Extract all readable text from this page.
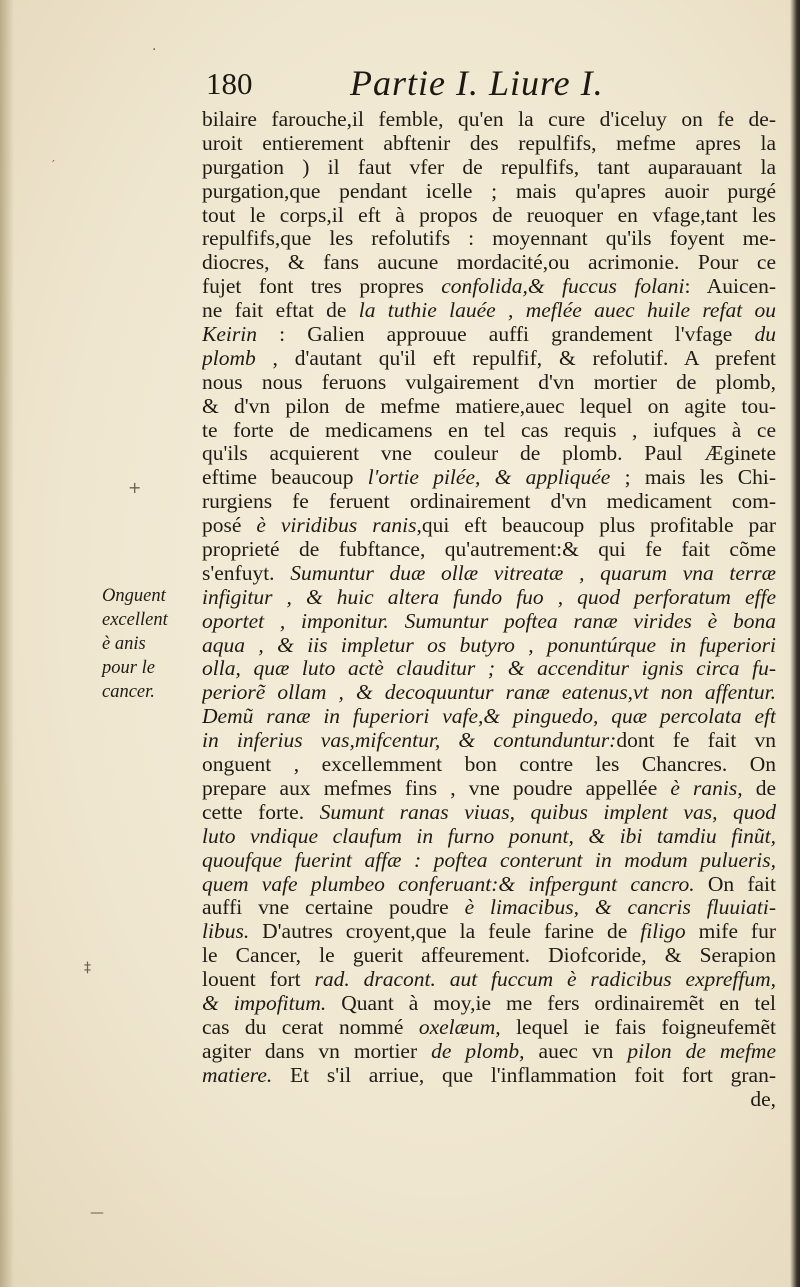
180	Partie I. Liure I.
Onguent
excellent
è anis
pour le
cancer.
bilaire farouche,il femble, qu'en la cure d'iceluy on fe de-
uroit entierement abftenir des repulfifs, mefme apres la
purgation ) il faut vfer de repulfifs, tant auparauant la
purgation,que pendant icelle ; mais qu'apres auoir purgé
tout le corps,il eft à propos de reuoquer en vfage,tant les
repulfifs,que les refolutifs : moyennant qu'ils foyent me-
diocres, & fans aucune mordacité,ou acrimonie. Pour ce
fujet font tres propres confolida,& fuccus folani: Auicen-
ne fait eftat de la tuthie lauée , meflée auec huile refat ou
Keirin : Galien approuue auffi grandement l'vfage du
plomb , d'autant qu'il eft repulfif, & refolutif. A prefent
nous nous feruons vulgairement d'vn mortier de plomb,
& d'vn pilon de mefme matiere,auec lequel on agite tou-
te forte de medicamens en tel cas requis , iufques à ce
qu'ils acquierent vne couleur de plomb. Paul Æginete
eftime beaucoup l'ortie pilée, & appliquée ; mais les Chi-
rurgiens fe feruent ordinairement d'vn medicament com-
posé è viridibus ranis,qui eft beaucoup plus profitable par
proprieté de fubftance, qu'autrement:& qui fe fait cõme
s'enfuyt. Sumuntur duæ ollæ vitreatæ , quarum vna terræ
infigitur , & huic altera fundo fuo , quod perforatum effe
oportet , imponitur. Sumuntur poftea ranæ virides è bona
aqua , & iis impletur os butyro , ponuntúrque in fuperiori
olla, quæ luto actè clauditur ; & accenditur ignis circa fu-
periorẽ ollam , & decoquuntur ranæ eatenus,vt non affentur.
Demũ ranæ in fuperiori vafe,& pinguedo, quæ percolata eft
in inferius vas,mifcentur, & contunduntur:dont fe fait vn
onguent , excellemment bon contre les Chancres. On
prepare aux mefmes fins , vne poudre appellée è ranis, de
cette forte. Sumunt ranas viuas, quibus implent vas, quod
luto vndique claufum in furno ponunt, & ibi tamdiu finũt,
quoufque fuerint affæ : poftea conterunt in modum pulueris,
quem vafe plumbeo conferuant:& infpergunt cancro. On fait
auffi vne certaine poudre è limacibus, & cancris fluuiati-
libus. D'autres croyent,que la feule farine de filigo mife fur
le Cancer, le guerit affeurement. Diofcoride, & Serapion
louent fort rad. dracont. aut fuccum è radicibus expreffum,
& impofitum. Quant à moy,ie me fers ordinairemẽt en tel
cas du cerat nommé oxelæum, lequel ie fais foigneufemẽt
agiter dans vn mortier de plomb, auec vn pilon de mefme
matiere. Et s'il arriue, que l'inflammation foit fort gran-
de,
·
′
+
‡
—
